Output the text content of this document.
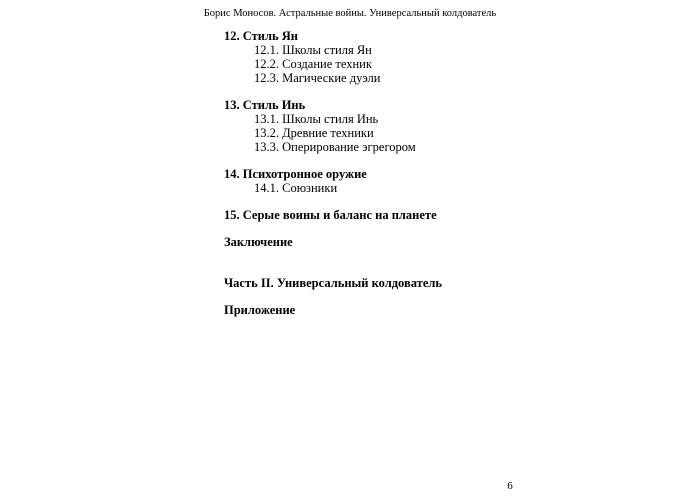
Борис Моносов. Астральные войны. Универсальный колдователь
12. Стиль Ян
12.1. Школы стиля Ян
12.2. Создание техник
12.3. Магические дуэли
13. Стиль Инь
13.1. Школы стиля Инь
13.2. Древние техники
13.3. Оперирование эгрегором
14. Психотронное оружие
14.1. Союзники
15. Серые воины и баланс на планете
Заключение
Часть II. Универсальный колдователь
Приложение
6
